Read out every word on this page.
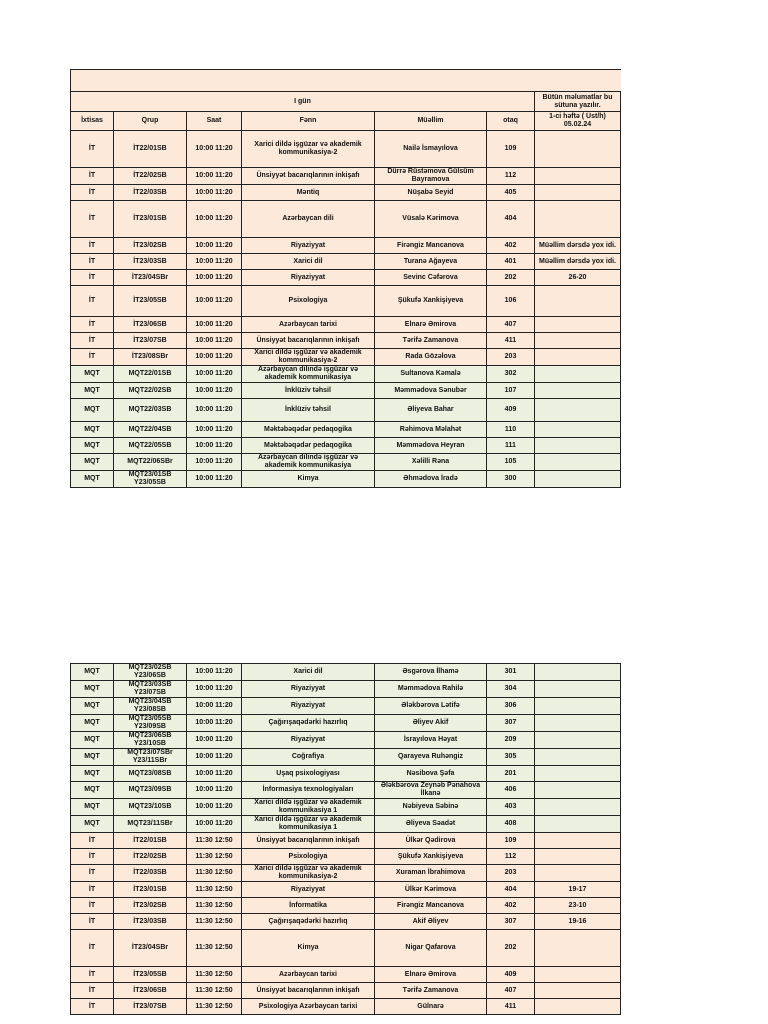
I gün						Bütün məlumatlar bu sütuna yazılır.
İxtisas	Qrup	Saat	Fənn	Müəllim	otaq	1-ci həftə ( Üst/h) 05.02.24
İT	İT22/01SB	10:00 11:20	Xarici dildə işgüzar və akademik kommunikasiya-2	Nailə İsmayılova	109	
İT	İT22/02SB	10:00 11:20	Ünsiyyət bacarıqlarının inkişafı	Dürrə Rüstəmova Gülsüm Bayramova	112	
İT	İT22/03SB	10:00 11:20	Məntiq	Nüşabə Seyid	405	
İT	İT23/01SB	10:00 11:20	Azərbaycan dili	Vüsalə Kərimova	404	
İT	İT23/02SB	10:00 11:20	Riyaziyyat	Firəngiz Mancanova	402	Müəllim dərsdə yox idi.
İT	İT23/03SB	10:00 11:20	Xarici dil	Turanə Ağayeva	401	Müəllim dərsdə yox idi.
İT	İT23/04SBr	10:00 11:20	Riyaziyyat	Sevinc Cəfərova	202	26-20
İT	İT23/05SB	10:00 11:20	Psixologiya	Şükufə Xankişiyeva	106	
İT	İT23/06SB	10:00 11:20	Azərbaycan tarixi	Elnarə Əmirova	407	
İT	İT23/07SB	10:00 11:20	Ünsiyyət bacarıqlarının inkişafı	Tərifə Zamanova	411	
İT	İT23/08SBr	10:00 11:20	Xarici dildə işgüzar və akademik kommunikasiya-2	Rada Gözəlova	203	
MQT	MQT22/01SB	10:00 11:20	Azərbaycan dilində işgüzar və akademik kommunikasiya	Sultanova Kəmalə	302	
MQT	MQT22/02SB	10:00 11:20	İnklüziv təhsil	Məmmədova Sənubər	107	
MQT	MQT22/03SB	10:00 11:20	İnklüziv təhsil	Əliyeva Bahar	409	
MQT	MQT22/04SB	10:00 11:20	Məktəbəqədər pedaqogika	Rəhimova Məlahət	110	
MQT	MQT22/05SB	10:00 11:20	Məktəbəqədər pedaqogika	Məmmədova Heyran	111	
MQT	MQT22/06SBr	10:00 11:20	Azərbaycan dilində işgüzar və akademik kommunikasiya	Xəlilli Rəna	105	
MQT	MQT23/01SB Y23/05SB	10:00 11:20	Kimya	Əhmədova İradə	300	
MQT	MQT23/02SB Y23/06SB	10:00 11:20	Xarici dil	Əsgərova İlhamə	301	
MQT	MQT23/03SB Y23/07SB	10:00 11:20	Riyaziyyat	Məmmədova Rahilə	304	
MQT	MQT23/04SB Y23/08SB	10:00 11:20	Riyaziyyat	Ələkbərova Lətifə	306	
MQT	MQT23/05SB Y23/09SB	10:00 11:20	Çağırışaqədərki hazırlıq	Əliyev Akif	307	
MQT	MQT23/06SB Y23/10SB	10:00 11:20	Riyaziyyat	İsrayılova Həyat	209	
MQT	MQT23/07SBr Y23/11SBr	10:00 11:20	Coğrafiya	Qarayeva Ruhəngiz	305	
MQT	MQT23/08SB	10:00 11:20	Uşaq psixologiyası	Nəsibova Şəfa	201	
MQT	MQT23/09SB	10:00 11:20	İnformasiya texnologiyaları	Ələkbərova Zeynəb Pənahova İlkanə	406	
MQT	MQT23/10SB	10:00 11:20	Xarici dildə işgüzar və akademik kommunikasiya 1	Nəbiyeva Səbinə	403	
MQT	MQT23/11SBr	10:00 11:20	Xarici dildə işgüzar və akademik kommunikasiya 1	Əliyeva Səadət	408	
İT	İT22/01SB	11:30 12:50	Ünsiyyət bacarıqlarının inkişafı	Ülkər Qədirova	109	
İT	İT22/02SB	11:30 12:50	Psixologiya	Şükufə Xankişiyeva	112	
İT	İT22/03SB	11:30 12:50	Xarici dildə işgüzar və akademik kommunikasiya-2	Xuraman İbrahimova	203	
İT	İT23/01SB	11:30 12:50	Riyaziyyat	Ülkər Kərimova	404	19-17
İT	İT23/02SB	11:30 12:50	İnformatika	Firəngiz Mancanova	402	23-10
İT	İT23/03SB	11:30 12:50	Çağırışaqədərki hazırlıq	Akif Əliyev	307	19-16
İT	İT23/04SBr	11:30 12:50	Kimya	Nigar Qafarova	202	
İT	İT23/05SB	11:30 12:50	Azərbaycan tarixi	Elnarə Əmirova	409	
İT	İT23/06SB	11:30 12:50	Ünsiyyət bacarıqlarının inkişafı	Tərifə Zamanova	407	
İT	İT23/07SB	11:30 12:50	Psixologiya Azərbaycan tarixi	Gülnarə	411	
